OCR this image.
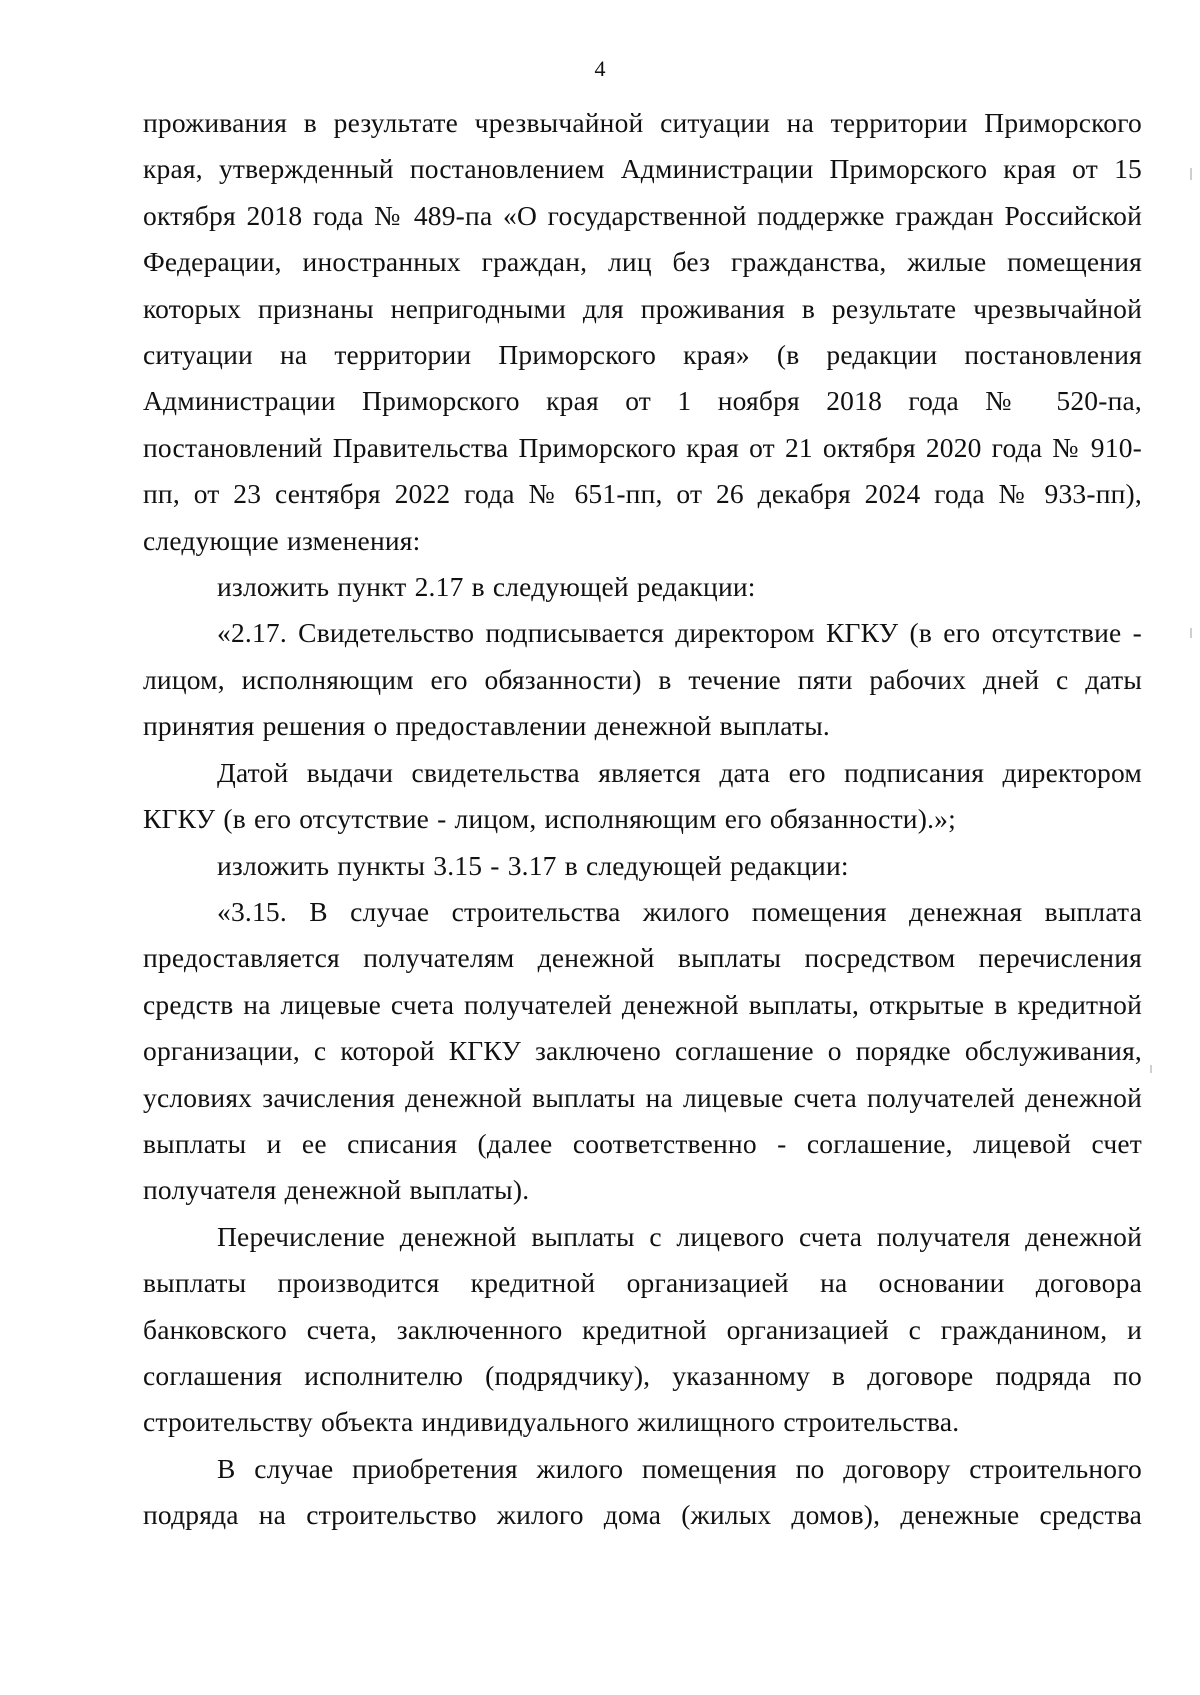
4

проживания в результате чрезвычайной ситуации на территории Приморского края, утвержденный постановлением Администрации Приморского края от 15 октября 2018 года № 489-па «О государственной поддержке граждан Российской Федерации, иностранных граждан, лиц без гражданства, жилые помещения которых признаны непригодными для проживания в результате чрезвычайной ситуации на территории Приморского края» (в редакции постановления Администрации Приморского края от 1 ноября 2018 года № 520-па, постановлений Правительства Приморского края от 21 октября 2020 года № 910-пп, от 23 сентября 2022 года № 651-пп, от 26 декабря 2024 года № 933-пп), следующие изменения:

изложить пункт 2.17 в следующей редакции:

«2.17. Свидетельство подписывается директором КГКУ (в его отсутствие - лицом, исполняющим его обязанности) в течение пяти рабочих дней с даты принятия решения о предоставлении денежной выплаты.

Датой выдачи свидетельства является дата его подписания директором КГКУ (в его отсутствие - лицом, исполняющим его обязанности).»;

изложить пункты 3.15 - 3.17 в следующей редакции:

«3.15. В случае строительства жилого помещения денежная выплата предоставляется получателям денежной выплаты посредством перечисления средств на лицевые счета получателей денежной выплаты, открытые в кредитной организации, с которой КГКУ заключено соглашение о порядке обслуживания, условиях зачисления денежной выплаты на лицевые счета получателей денежной выплаты и ее списания (далее соответственно - соглашение, лицевой счет получателя денежной выплаты).

Перечисление денежной выплаты с лицевого счета получателя денежной выплаты производится кредитной организацией на основании договора банковского счета, заключенного кредитной организацией с гражданином, и соглашения исполнителю (подрядчику), указанному в договоре подряда по строительству объекта индивидуального жилищного строительства.

В случае приобретения жилого помещения по договору строительного подряда на строительство жилого дома (жилых домов), денежные средства
